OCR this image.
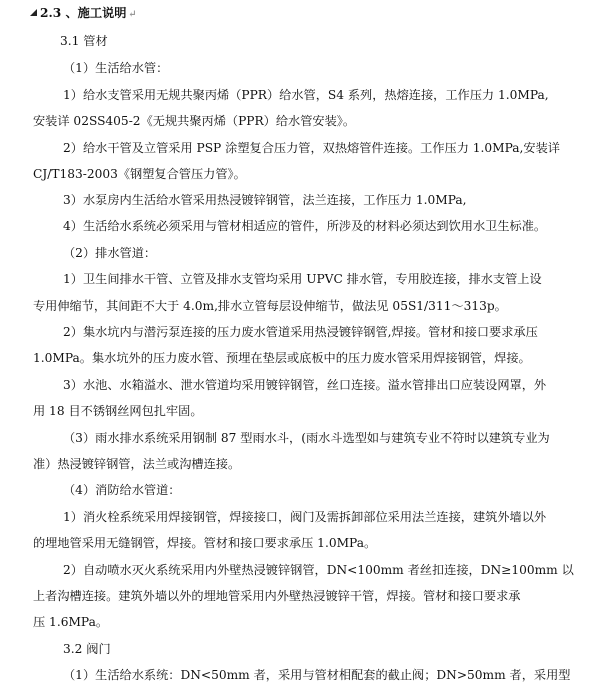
2.3 、施工说明 ↵
3.1 管材
（1）生活给水管：
1）给水支管采用无规共聚丙烯（PPR）给水管，S4 系列，热熔连接，工作压力 1.0MPa,
安装详 02SS405-2《无规共聚丙烯（PPR）给水管安装》。
2）给水干管及立管采用 PSP 涂塑复合压力管，双热熔管件连接。工作压力 1.0MPa,安装详
CJ/T183-2003《钢塑复合管压力管》。
3）水泵房内生活给水管采用热浸镀锌钢管，法兰连接，工作压力 1.0MPa,
4）生活给水系统必须采用与管材相适应的管件，所涉及的材料必须达到饮用水卫生标准。
（2）排水管道：
1）卫生间排水干管、立管及排水支管均采用 UPVC 排水管，专用胶连接，排水支管上设
专用伸缩节，其间距不大于 4.0m,排水立管每层设伸缩节，做法见 05S1/311～313p。
2）集水坑内与潜污泵连接的压力废水管道采用热浸镀锌钢管,焊接。管材和接口要求承压
1.0MPa。集水坑外的压力废水管、预埋在垫层或底板中的压力废水管采用焊接钢管，焊接。
3）水池、水箱溢水、泄水管道均采用镀锌钢管，丝口连接。溢水管排出口应装设网罩，外
用 18 目不锈钢丝网包扎牢固。
（3）雨水排水系统采用钢制 87 型雨水斗，(雨水斗选型如与建筑专业不符时以建筑专业为
准）热浸镀锌钢管，法兰或沟槽连接。
（4）消防给水管道：
1）消火栓系统采用焊接钢管，焊接接口，阀门及需拆卸部位采用法兰连接，建筑外墙以外
的埋地管采用无缝钢管，焊接。管材和接口要求承压 1.0MPa。
2）自动喷水灭火系统采用内外壁热浸镀锌钢管，DN<100mm 者丝扣连接，DN≥100mm 以
上者沟槽连接。建筑外墙以外的埋地管采用内外壁热浸镀锌干管，焊接。管材和接口要求承
压 1.6MPa。
3.2 阀门
（1）生活给水系统：DN<50mm 者，采用与管材相配套的截止阀；DN>50mm 者，采用型
